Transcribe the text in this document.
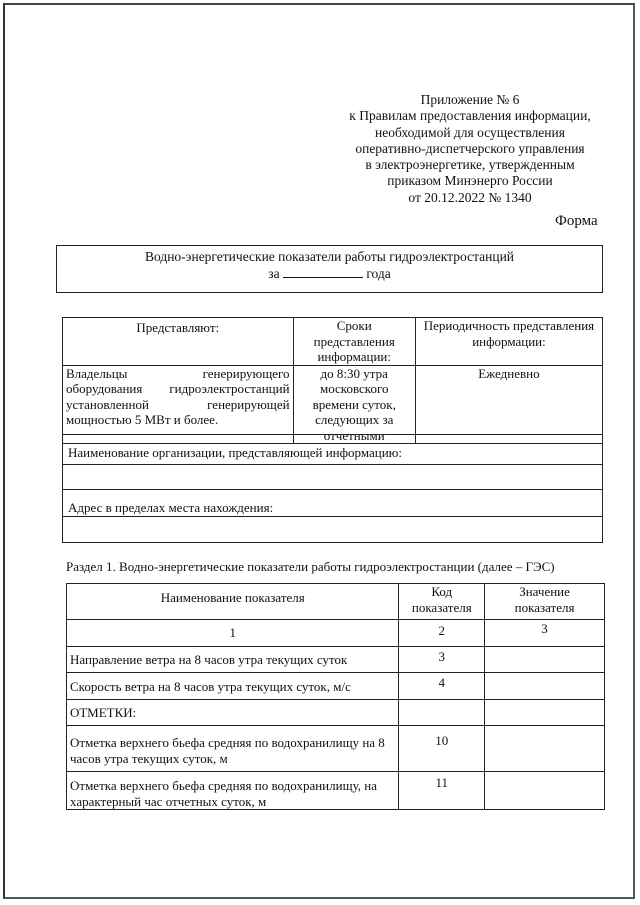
Приложение № 6
к Правилам предоставления информации,
необходимой для осуществления
оперативно-диспетчерского управления
в электроэнергетике, утвержденным
приказом Минэнерго России
от 20.12.2022 № 1340
Форма
Водно-энергетические показатели работы гидроэлектростанций
за	года
Представляют:	Сроки представления информации:	Периодичность представления информации:
Владельцы генерирующего оборудования гидроэлектростанций установленной генерирующей мощностью 5 МВт и более.	до 8:30 утра московского времени суток, следующих за отчетными	Ежедневно
Наименование организации, представляющей информацию:

Адрес в пределах места нахождения:

Раздел 1. Водно-энергетические показатели работы гидроэлектростанции (далее – ГЭС)
Наименование показателя	Код показателя	Значение показателя
1	2	3
Направление ветра на 8 часов утра текущих суток	3	
Скорость ветра на 8 часов утра текущих суток, м/с	4	
ОТМЕТКИ:		
Отметка верхнего бьефа средняя по водохранилищу на 8 часов утра текущих суток, м	10	
Отметка верхнего бьефа средняя по водохранилищу, на характерный час отчетных суток, м	11	
